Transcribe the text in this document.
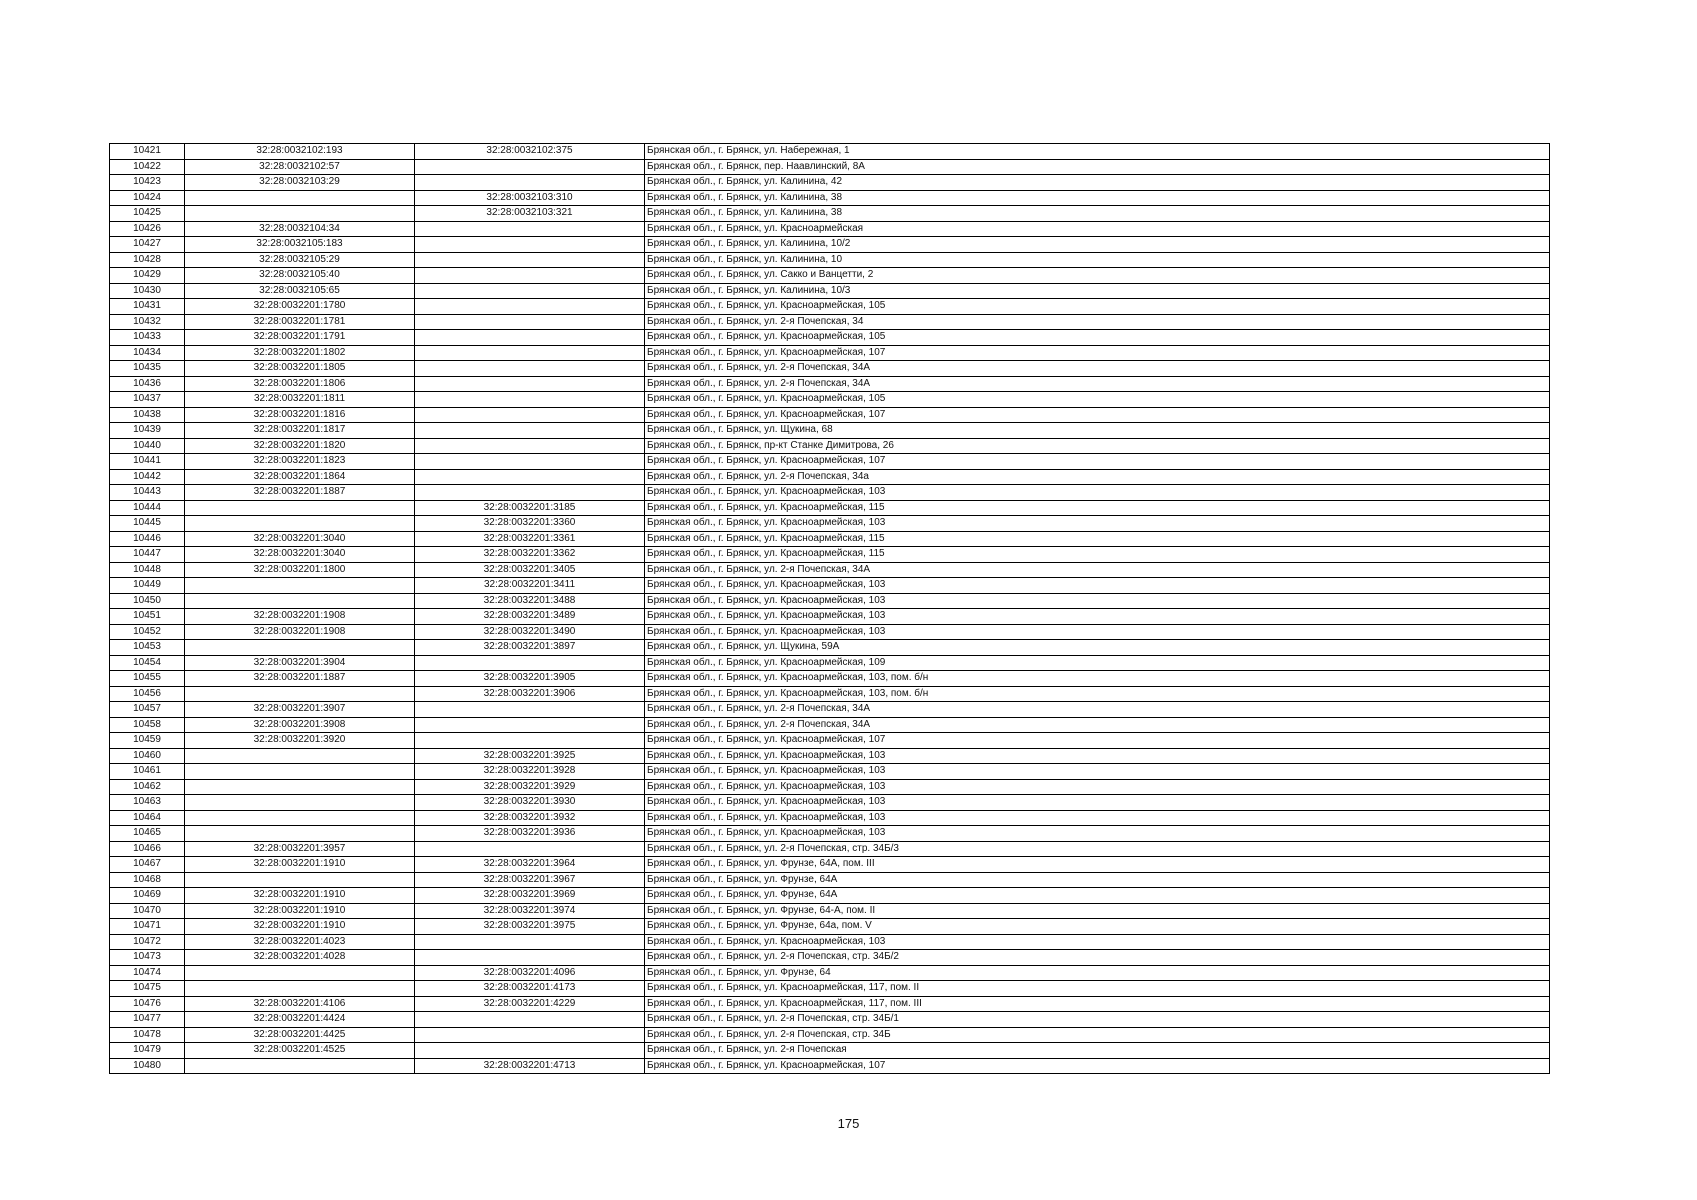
10421	32:28:0032102:193	32:28:0032102:375	Брянская обл., г. Брянск, ул. Набережная, 1
10422	32:28:0032102:57		Брянская обл., г. Брянск, пер. Наавлинский, 8А
10423	32:28:0032103:29		Брянская обл., г. Брянск, ул. Калинина, 42
10424		32:28:0032103:310	Брянская обл., г. Брянск, ул. Калинина, 38
10425		32:28:0032103:321	Брянская обл., г. Брянск, ул. Калинина, 38
10426	32:28:0032104:34		Брянская обл., г. Брянск, ул. Красноармейская
10427	32:28:0032105:183		Брянская обл., г. Брянск, ул. Калинина, 10/2
10428	32:28:0032105:29		Брянская обл., г. Брянск, ул. Калинина, 10
10429	32:28:0032105:40		Брянская обл., г. Брянск, ул. Сакко и Ванцетти, 2
10430	32:28:0032105:65		Брянская обл., г. Брянск, ул. Калинина, 10/3
10431	32:28:0032201:1780		Брянская обл., г. Брянск, ул. Красноармейская, 105
10432	32:28:0032201:1781		Брянская обл., г. Брянск, ул. 2-я Почепская, 34
10433	32:28:0032201:1791		Брянская обл., г. Брянск, ул. Красноармейская, 105
10434	32:28:0032201:1802		Брянская обл., г. Брянск, ул. Красноармейская, 107
10435	32:28:0032201:1805		Брянская обл., г. Брянск, ул. 2-я Почепская, 34А
10436	32:28:0032201:1806		Брянская обл., г. Брянск, ул. 2-я Почепская, 34А
10437	32:28:0032201:1811		Брянская обл., г. Брянск, ул. Красноармейская, 105
10438	32:28:0032201:1816		Брянская обл., г. Брянск, ул. Красноармейская, 107
10439	32:28:0032201:1817		Брянская обл., г. Брянск, ул. Щукина, 68
10440	32:28:0032201:1820		Брянская обл., г. Брянск, пр-кт Станке Димитрова, 26
10441	32:28:0032201:1823		Брянская обл., г. Брянск, ул. Красноармейская, 107
10442	32:28:0032201:1864		Брянская обл., г. Брянск, ул. 2-я Почепская, 34а
10443	32:28:0032201:1887		Брянская обл., г. Брянск, ул. Красноармейская, 103
10444		32:28:0032201:3185	Брянская обл., г. Брянск, ул. Красноармейская, 115
10445		32:28:0032201:3360	Брянская обл., г. Брянск, ул. Красноармейская, 103
10446	32:28:0032201:3040	32:28:0032201:3361	Брянская обл., г. Брянск, ул. Красноармейская, 115
10447	32:28:0032201:3040	32:28:0032201:3362	Брянская обл., г. Брянск, ул. Красноармейская, 115
10448	32:28:0032201:1800	32:28:0032201:3405	Брянская обл., г. Брянск, ул. 2-я Почепская, 34А
10449		32:28:0032201:3411	Брянская обл., г. Брянск, ул. Красноармейская, 103
10450		32:28:0032201:3488	Брянская обл., г. Брянск, ул. Красноармейская, 103
10451	32:28:0032201:1908	32:28:0032201:3489	Брянская обл., г. Брянск, ул. Красноармейская, 103
10452	32:28:0032201:1908	32:28:0032201:3490	Брянская обл., г. Брянск, ул. Красноармейская, 103
10453		32:28:0032201:3897	Брянская обл., г. Брянск, ул. Щукина, 59А
10454	32:28:0032201:3904		Брянская обл., г. Брянск, ул. Красноармейская, 109
10455	32:28:0032201:1887	32:28:0032201:3905	Брянская обл., г. Брянск, ул. Красноармейская, 103, пом. б/н
10456		32:28:0032201:3906	Брянская обл., г. Брянск, ул. Красноармейская, 103, пом. б/н
10457	32:28:0032201:3907		Брянская обл., г. Брянск, ул. 2-я Почепская, 34А
10458	32:28:0032201:3908		Брянская обл., г. Брянск, ул. 2-я Почепская, 34А
10459	32:28:0032201:3920		Брянская обл., г. Брянск, ул. Красноармейская, 107
10460		32:28:0032201:3925	Брянская обл., г. Брянск, ул. Красноармейская, 103
10461		32:28:0032201:3928	Брянская обл., г. Брянск, ул. Красноармейская, 103
10462		32:28:0032201:3929	Брянская обл., г. Брянск, ул. Красноармейская, 103
10463		32:28:0032201:3930	Брянская обл., г. Брянск, ул. Красноармейская, 103
10464		32:28:0032201:3932	Брянская обл., г. Брянск, ул. Красноармейская, 103
10465		32:28:0032201:3936	Брянская обл., г. Брянск, ул. Красноармейская, 103
10466	32:28:0032201:3957		Брянская обл., г. Брянск, ул. 2-я Почепская, стр. 34Б/3
10467	32:28:0032201:1910	32:28:0032201:3964	Брянская обл., г. Брянск, ул. Фрунзе, 64А, пом. III
10468		32:28:0032201:3967	Брянская обл., г. Брянск, ул. Фрунзе, 64А
10469	32:28:0032201:1910	32:28:0032201:3969	Брянская обл., г. Брянск, ул. Фрунзе, 64А
10470	32:28:0032201:1910	32:28:0032201:3974	Брянская обл., г. Брянск, ул. Фрунзе, 64-А, пом. II
10471	32:28:0032201:1910	32:28:0032201:3975	Брянская обл., г. Брянск, ул. Фрунзе, 64а, пом. V
10472	32:28:0032201:4023		Брянская обл., г. Брянск, ул. Красноармейская, 103
10473	32:28:0032201:4028		Брянская обл., г. Брянск, ул. 2-я Почепская, стр. 34Б/2
10474		32:28:0032201:4096	Брянская обл., г. Брянск, ул. Фрунзе, 64
10475		32:28:0032201:4173	Брянская обл., г. Брянск, ул. Красноармейская, 117, пом. II
10476	32:28:0032201:4106	32:28:0032201:4229	Брянская обл., г. Брянск, ул. Красноармейская, 117, пом. III
10477	32:28:0032201:4424		Брянская обл., г. Брянск, ул. 2-я Почепская, стр. 34Б/1
10478	32:28:0032201:4425		Брянская обл., г. Брянск, ул. 2-я Почепская, стр. 34Б
10479	32:28:0032201:4525		Брянская обл., г. Брянск, ул. 2-я Почепская
10480		32:28:0032201:4713	Брянская обл., г. Брянск, ул. Красноармейская, 107
175
